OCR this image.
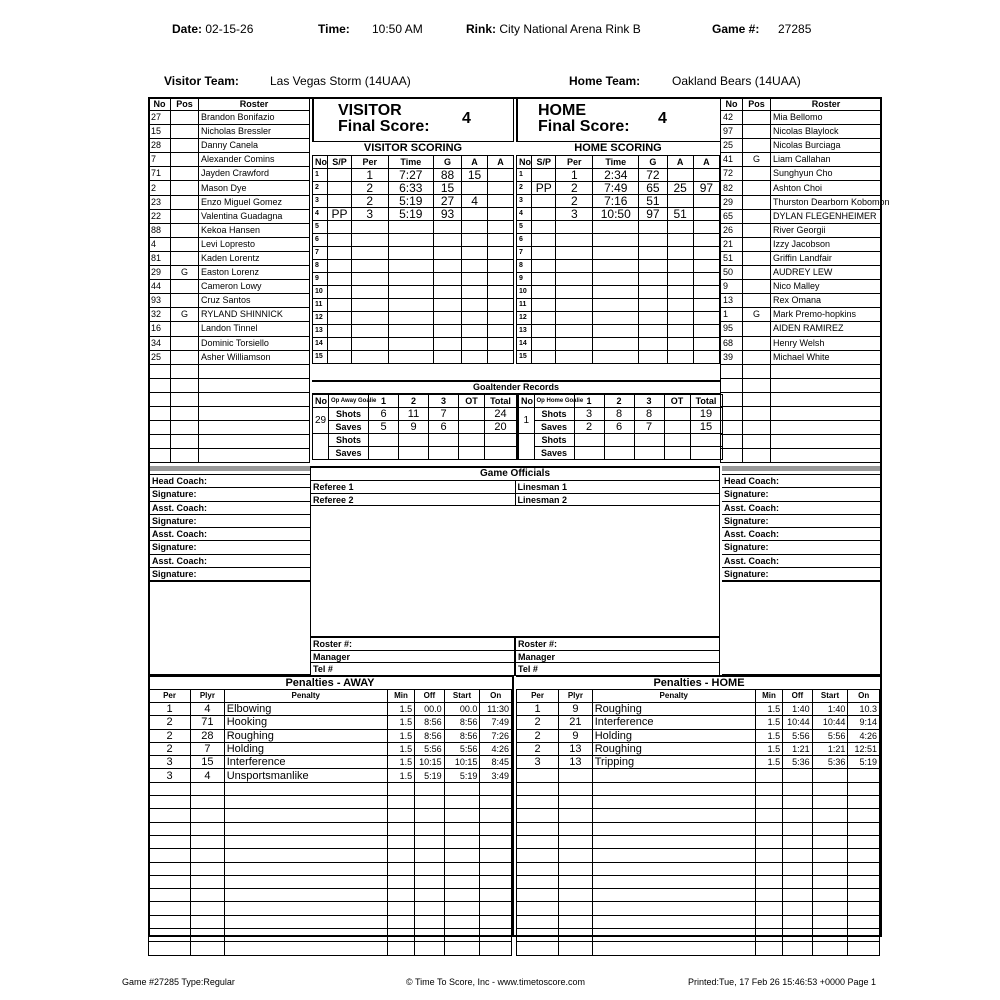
Date: 02-15-26	Time: 10:50 AM	Rink: City National Arena Rink B	Game #: 27285
Visitor Team:	Las Vegas Storm (14UAA)	Home Team:	Oakland Bears (14UAA)
No	Pos	Roster
27		Brandon Bonifazio
15		Nicholas Bressler
28		Danny Canela
7		Alexander Comins
71		Jayden Crawford
2		Mason Dye
23		Enzo Miguel Gomez
22		Valentina Guadagna
88		Kekoa Hansen
4		Levi Lopresto
81		Kaden Lorentz
29	G	Easton Lorenz
44		Cameron Lowy
93		Cruz Santos
32	G	RYLAND SHINNICK
16		Landon Tinnel
34		Dominic Torsiello
25		Asher Williamson

No	Pos	Roster
42		Mia Bellomo
97		Nicolas Blaylock
25		Nicolas Burciaga
41	G	Liam Callahan
72		Sunghyun Cho
82		Ashton Choi
29		Thurston Dearborn Kobomon
65		DYLAN FLEGENHEIMER
26		River Georgii
21		Izzy Jacobson
51		Griffin Landfair
50		AUDREY LEW
9		Nico Malley
13		Rex Omana
1	G	Mark Premo-hopkins
95		AIDEN RAMIREZ
68		Henry Welsh
39		Michael White

VISITOR
Final Score: 4	HOME
Final Score: 4
VISITOR SCORING
No	S/P	Per	Time	G	A	A
1		1	7:27	88	15	
2		2	6:33	15		
3		2	5:19	27	4	
4	PP	3	5:19	93		
5						
6						
7						
8						
9						
10						
11						
12						
13						
14						
15						
HOME SCORING
No	S/P	Per	Time	G	A	A
1		1	2:34	72		
2	PP	2	7:49	65	25	97
3		2	7:16	51		
4		3	10:50	97	51	
5						
6						
7						
8						
9						
10						
11						
12						
13						
14						
15						
Goaltender Records
No	Op Away Goalie	1	2	3	OT	Total
29	Shots	6	11	7		24
	Saves	5	9	6		20
	Shots					
	Saves					
No	Op Home Goalie	1	2	3	OT	Total
1	Shots	3	8	8		19
	Saves	2	6	7		15
	Shots					
	Saves					
Head Coach:
Signature:
Asst. Coach:
Signature:
Asst. Coach:
Signature:
Asst. Coach:
Signature:
Head Coach:
Signature:
Asst. Coach:
Signature:
Asst. Coach:
Signature:
Asst. Coach:
Signature:
Game Officials
Referee 1
Referee 2
Linesman 1
Linesman 2
Roster #:
Manager
Tel #
Roster #:
Manager
Tel #
Penalties - AWAY
Per	Plyr	Penalty	Min	Off	Start	On
1	4	Elbowing	1.5	00.0	00.0	11:30
2	71	Hooking	1.5	8:56	8:56	7:49
2	28	Roughing	1.5	8:56	8:56	7:26
2	7	Holding	1.5	5:56	5:56	4:26
3	15	Interference	1.5	10:15	10:15	8:45
3	4	Unsportsmanlike	1.5	5:19	5:19	3:49

Penalties - HOME
Per	Plyr	Penalty	Min	Off	Start	On
1	9	Roughing	1.5	1:40	1:40	10.3
2	21	Interference	1.5	10:44	10:44	9:14
2	9	Holding	1.5	5:56	5:56	4:26
2	13	Roughing	1.5	1:21	1:21	12:51
3	13	Tripping	1.5	5:36	5:36	5:19

Game #27285 Type:Regular	© Time To Score, Inc - www.timetoscore.com	Printed:Tue, 17 Feb 26 15:46:53 +0000 Page 1
